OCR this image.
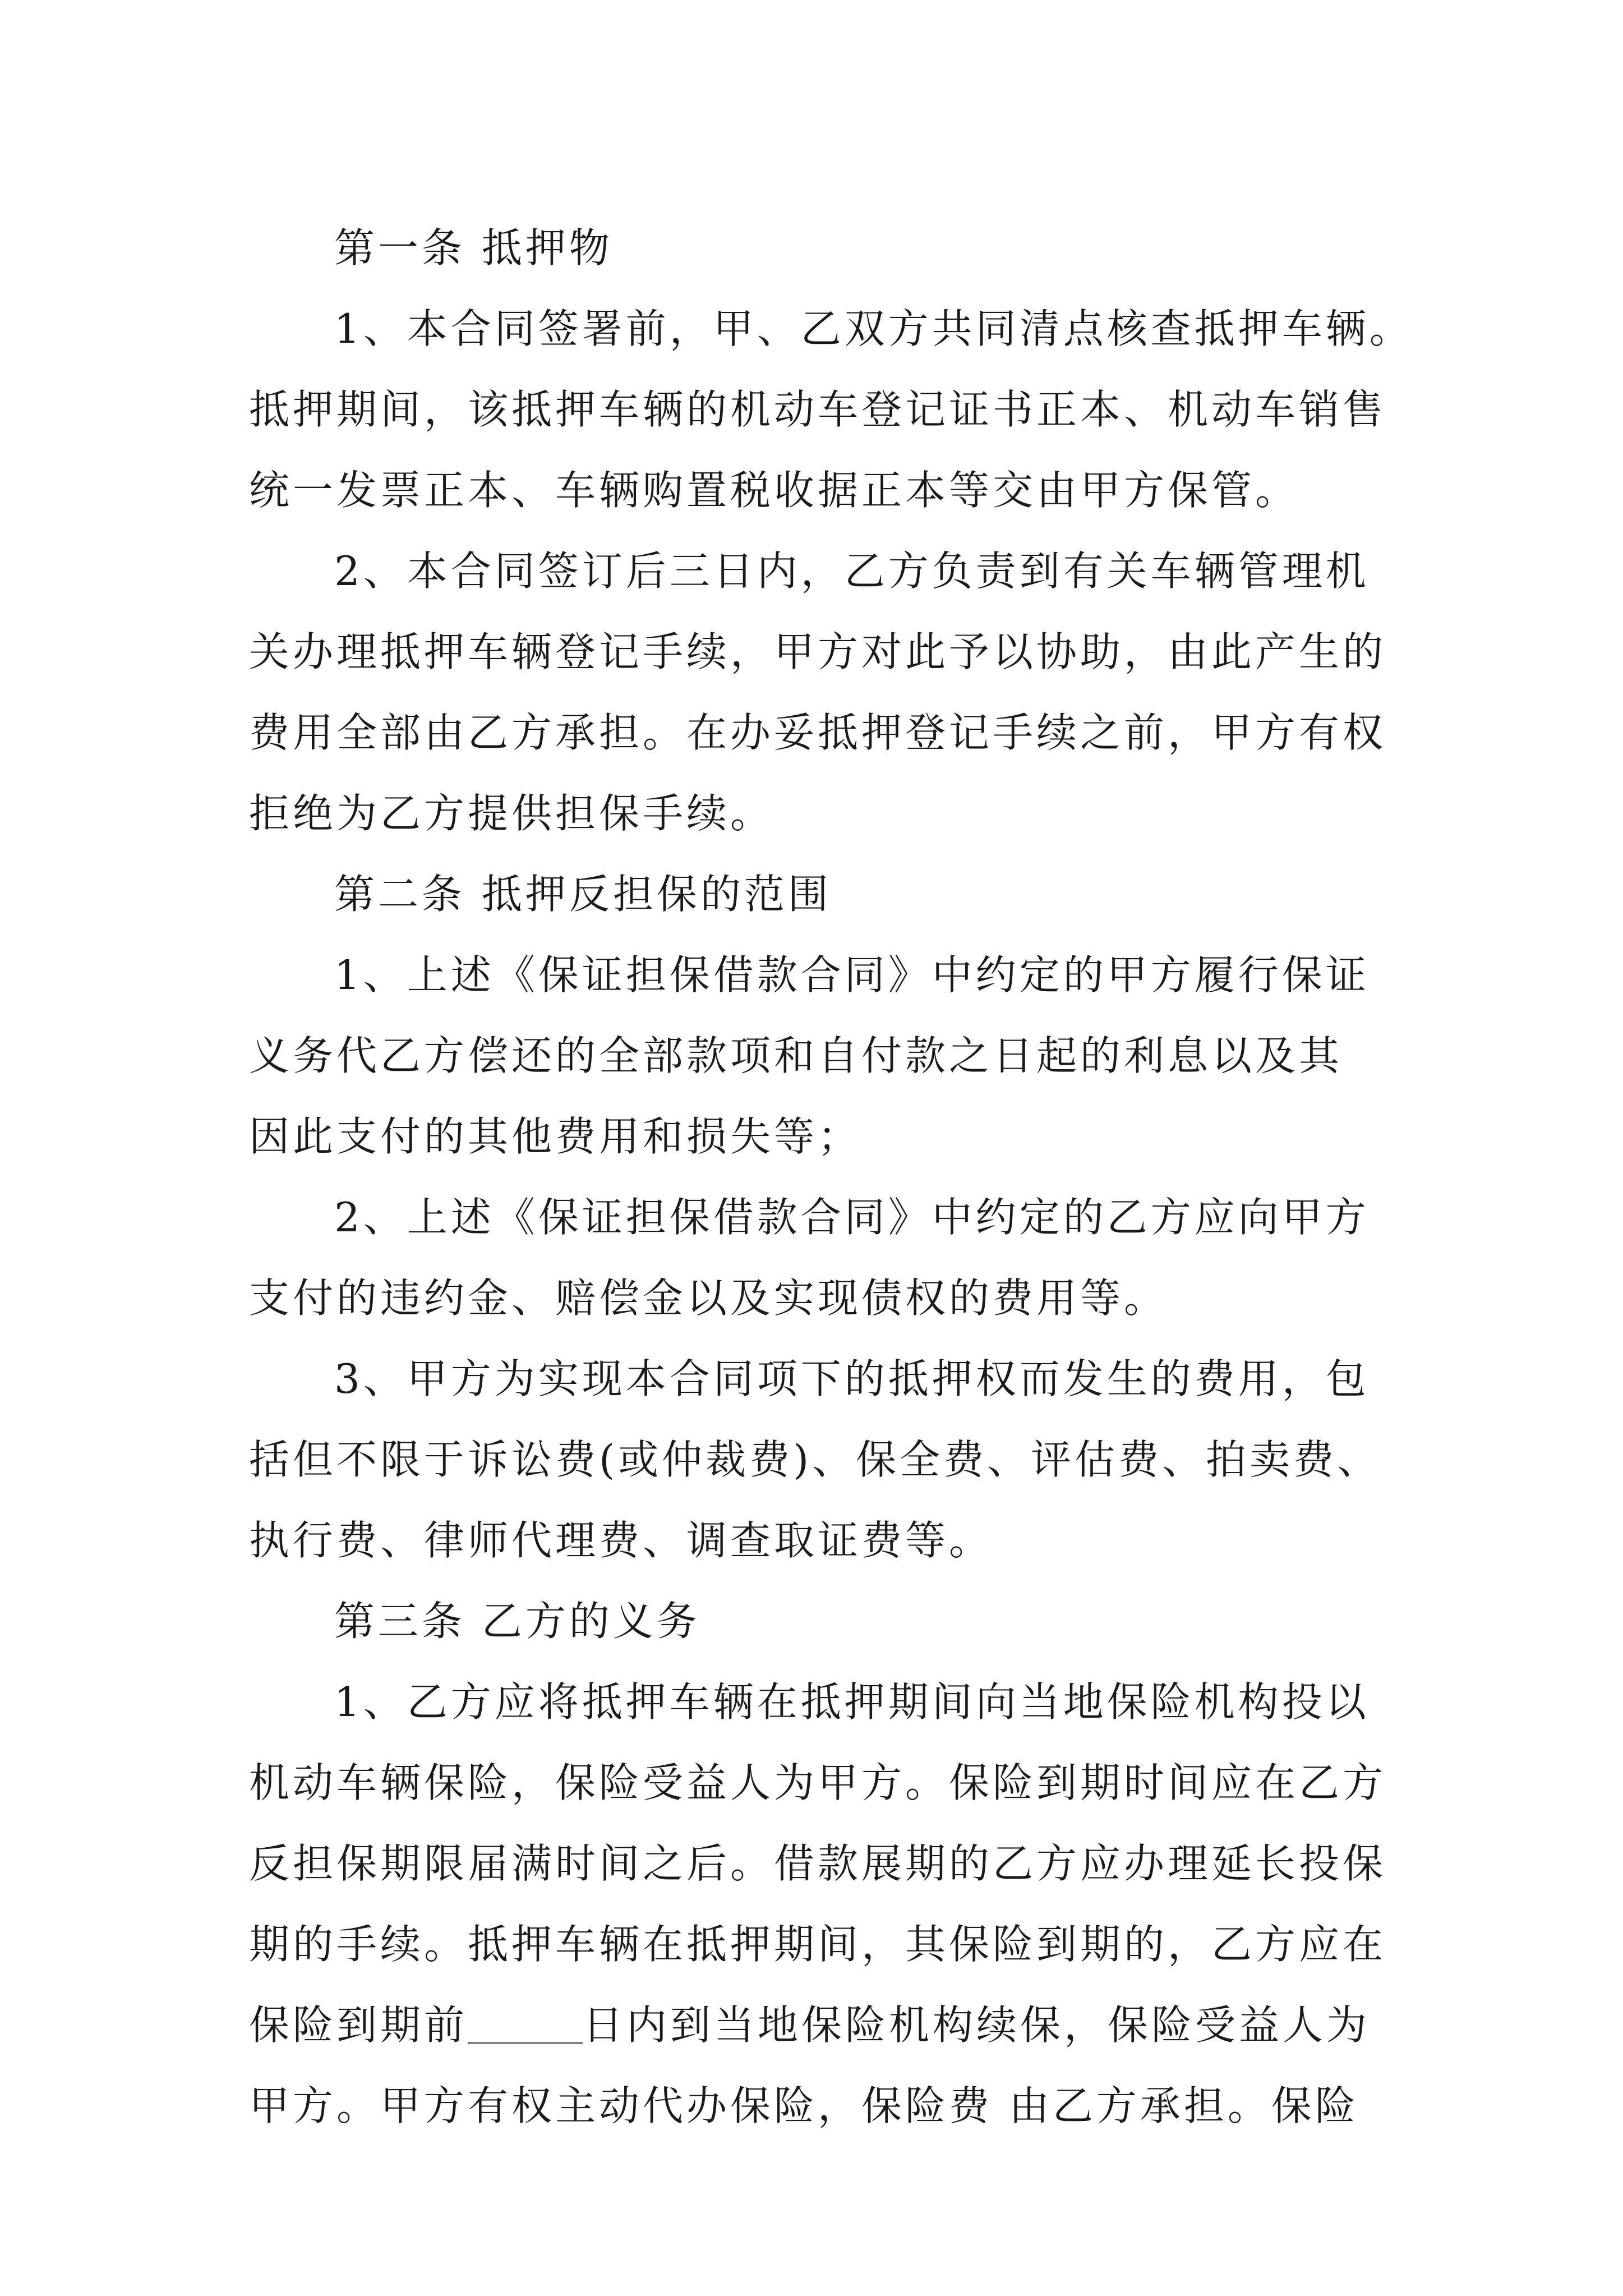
第一条 抵押物
1、本合同签署前，甲、乙双方共同清点核查抵押车辆。
抵押期间，该抵押车辆的机动车登记证书正本、机动车销售
统一发票正本、车辆购置税收据正本等交由甲方保管。
2、本合同签订后三日内，乙方负责到有关车辆管理机
关办理抵押车辆登记手续，甲方对此予以协助，由此产生的
费用全部由乙方承担。在办妥抵押登记手续之前，甲方有权
拒绝为乙方提供担保手续。
第二条 抵押反担保的范围
1、上述《保证担保借款合同》中约定的甲方履行保证
义务代乙方偿还的全部款项和自付款之日起的利息以及其
因此支付的其他费用和损失等；
2、上述《保证担保借款合同》中约定的乙方应向甲方
支付的违约金、赔偿金以及实现债权的费用等。
3、甲方为实现本合同项下的抵押权而发生的费用，包
括但不限于诉讼费(或仲裁费)、保全费、评估费、拍卖费、
执行费、律师代理费、调查取证费等。
第三条 乙方的义务
1、乙方应将抵押车辆在抵押期间向当地保险机构投以
机动车辆保险，保险受益人为甲方。保险到期时间应在乙方
反担保期限届满时间之后。借款展期的乙方应办理延长投保
期的手续。抵押车辆在抵押期间，其保险到期的，乙方应在
保险到期前	日内到当地保险机构续保，保险受益人为
甲方。甲方有权主动代办保险，保险费 由乙方承担。保险
